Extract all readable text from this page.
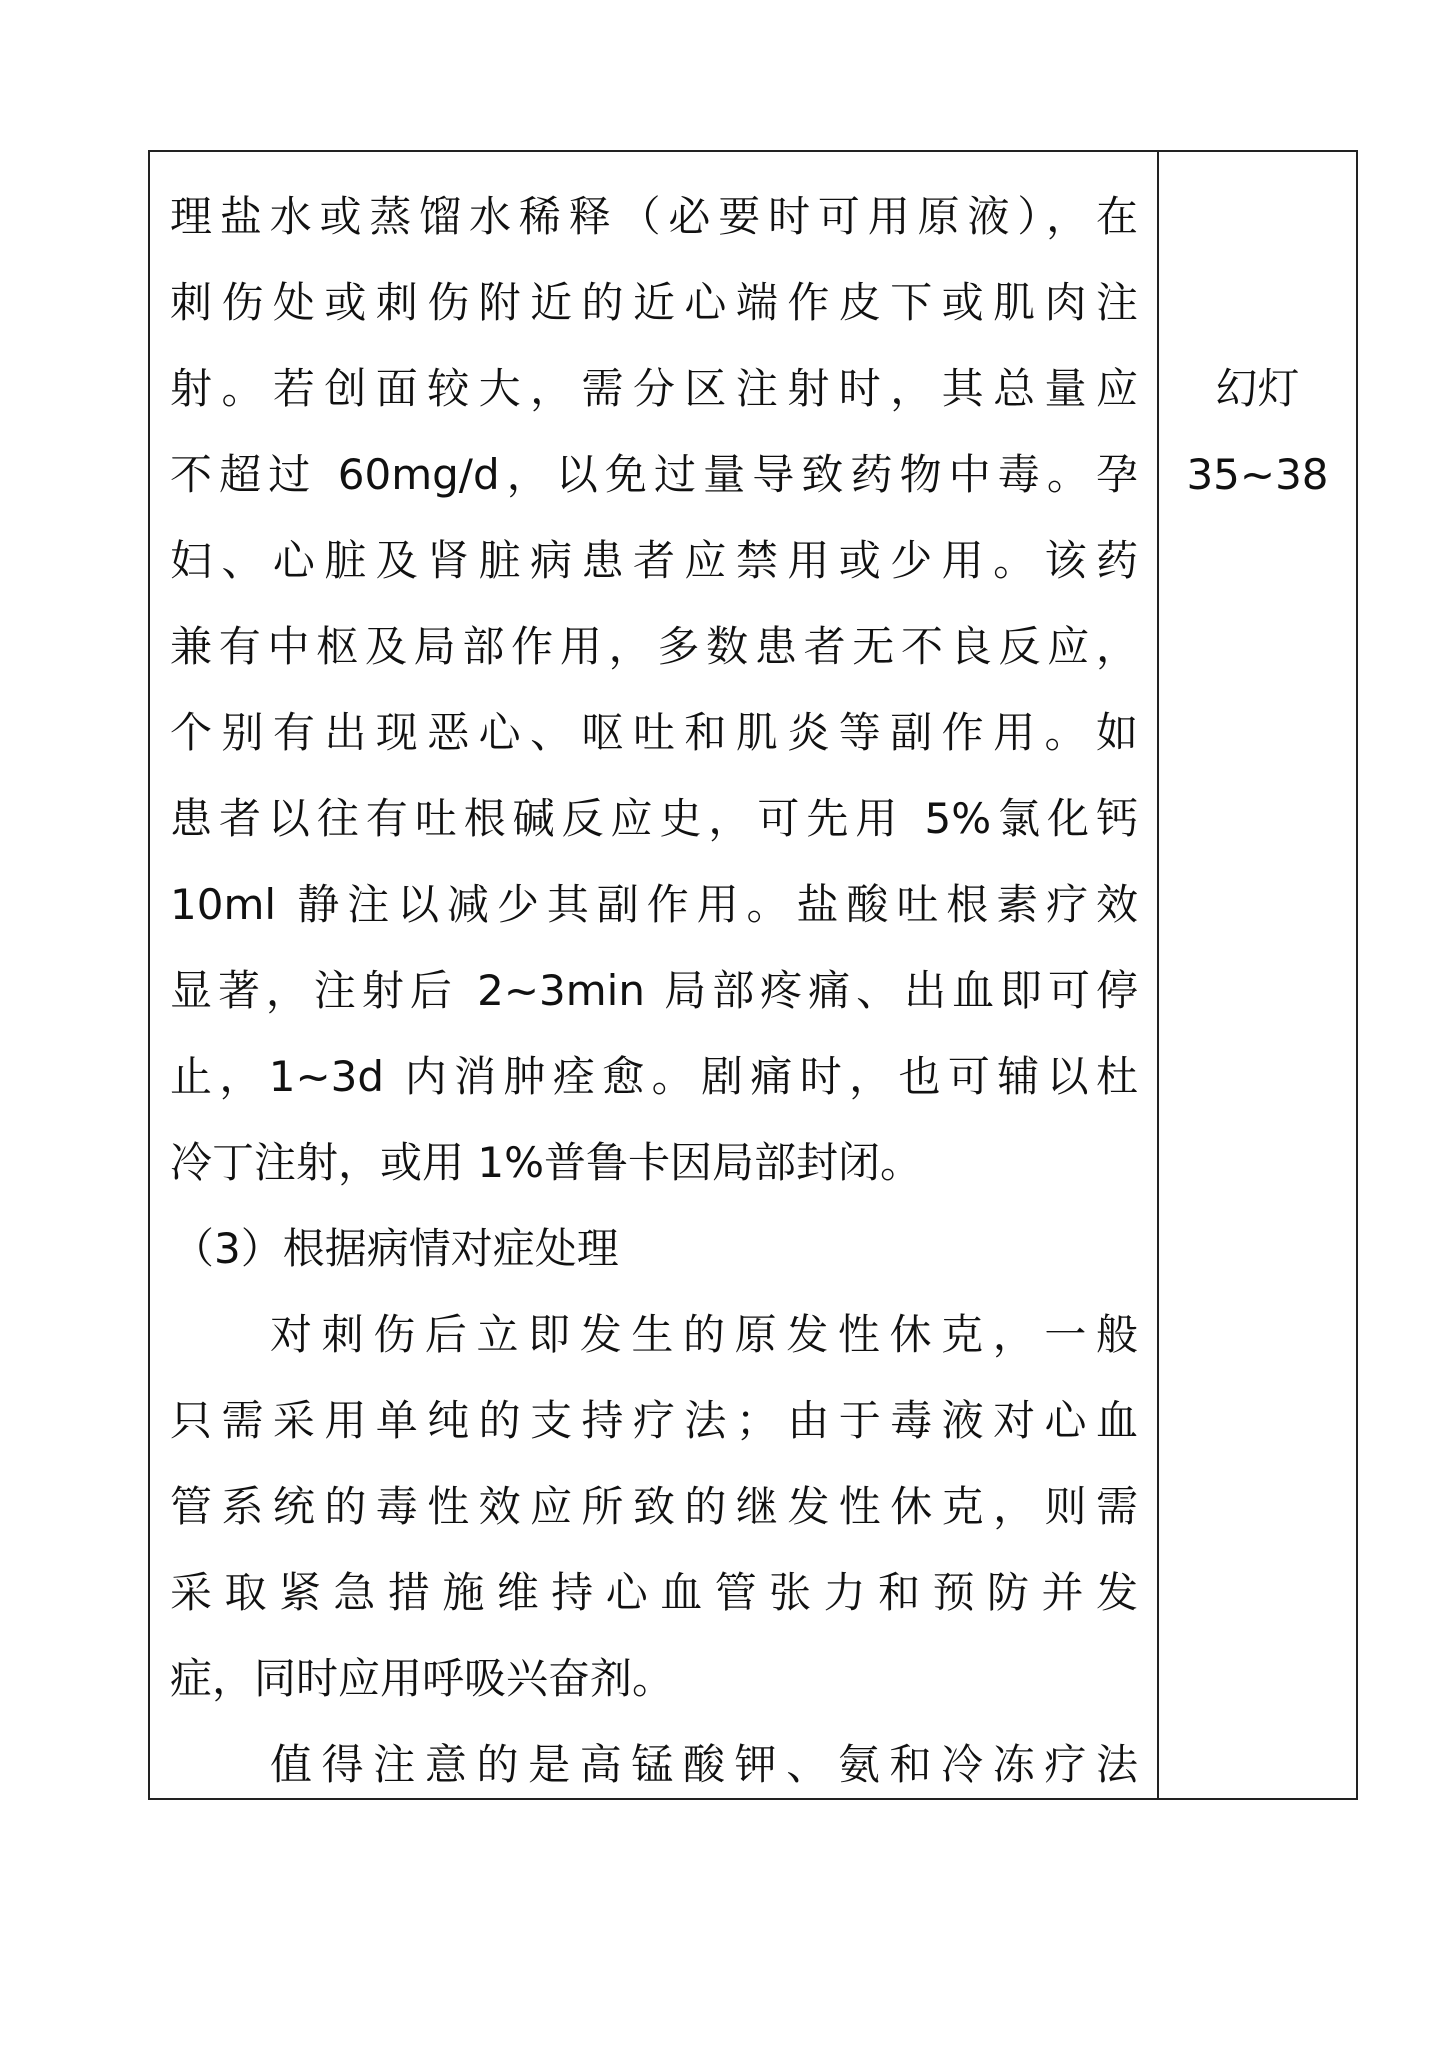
理盐水或蒸馏水稀释（必要时可用原液），在
刺伤处或刺伤附近的近心端作皮下或肌肉注
射。若创面较大，需分区注射时，其总量应
不超过 60mg/d，以免过量导致药物中毒。孕
妇、心脏及肾脏病患者应禁用或少用。该药
兼有中枢及局部作用，多数患者无不良反应，
个别有出现恶心、呕吐和肌炎等副作用。如
患者以往有吐根碱反应史，可先用 5%氯化钙
10ml 静注以减少其副作用。盐酸吐根素疗效
显著，注射后 2~3min 局部疼痛、出血即可停
止，1~3d 内消肿痊愈。剧痛时，也可辅以杜
冷丁注射，或用 1%普鲁卡因局部封闭。
（3）根据病情对症处理
对刺伤后立即发生的原发性休克，一般
只需采用单纯的支持疗法；由于毒液对心血
管系统的毒性效应所致的继发性休克，则需
采取紧急措施维持心血管张力和预防并发
症，同时应用呼吸兴奋剂。
值得注意的是高锰酸钾、氨和冷冻疗法
幻灯
35~38
